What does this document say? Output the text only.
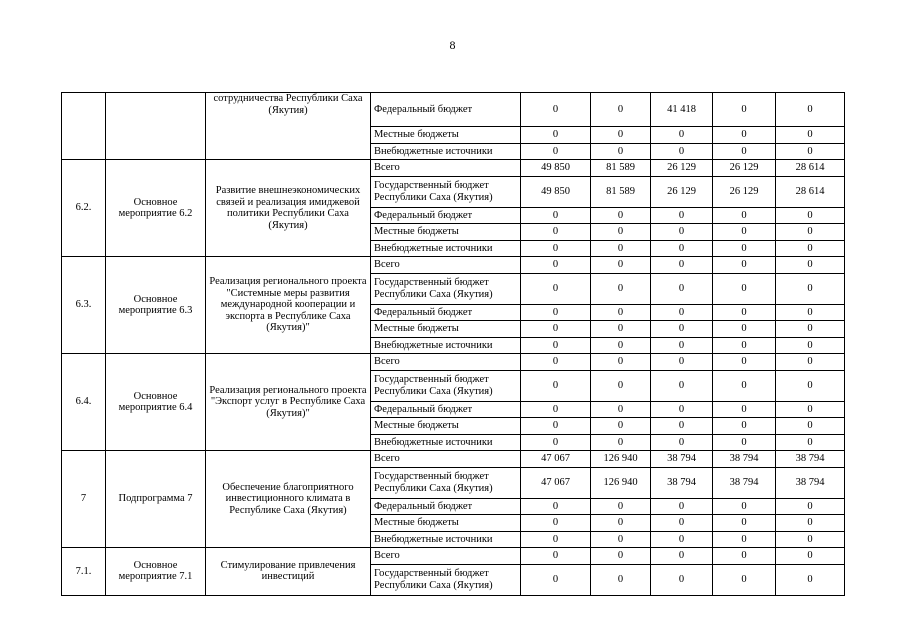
8
		сотрудничества Республики Саха (Якутия)	Федеральный бюджет	0	0	41 418	0	0
			Местные бюджеты	0	0	0	0	0
			Внебюджетные источники	0	0	0	0	0
6.2.	Основное мероприятие 6.2	Развитие внешнеэкономических связей и реализация имиджевой политики Республики Саха (Якутия)	Всего	49 850	81 589	26 129	26 129	28 614
			Государственный бюджет Республики Саха (Якутия)	49 850	81 589	26 129	26 129	28 614
			Федеральный бюджет	0	0	0	0	0
			Местные бюджеты	0	0	0	0	0
			Внебюджетные источники	0	0	0	0	0
6.3.	Основное мероприятие 6.3	Реализация регионального проекта "Системные меры развития международной кооперации и экспорта в Республике Саха (Якутия)"	Всего	0	0	0	0	0
			Государственный бюджет Республики Саха (Якутия)	0	0	0	0	0
			Федеральный бюджет	0	0	0	0	0
			Местные бюджеты	0	0	0	0	0
			Внебюджетные источники	0	0	0	0	0
6.4.	Основное мероприятие 6.4	Реализация регионального проекта "Экспорт услуг в Республике Саха (Якутия)"	Всего	0	0	0	0	0
			Государственный бюджет Республики Саха (Якутия)	0	0	0	0	0
			Федеральный бюджет	0	0	0	0	0
			Местные бюджеты	0	0	0	0	0
			Внебюджетные источники	0	0	0	0	0
7	Подпрограмма 7	Обеспечение благоприятного инвестиционного климата в Республике Саха (Якутия)	Всего	47 067	126 940	38 794	38 794	38 794
			Государственный бюджет Республики Саха (Якутия)	47 067	126 940	38 794	38 794	38 794
			Федеральный бюджет	0	0	0	0	0
			Местные бюджеты	0	0	0	0	0
			Внебюджетные источники	0	0	0	0	0
7.1.	Основное мероприятие 7.1	Стимулирование привлечения инвестиций	Всего	0	0	0	0	0
			Государственный бюджет Республики Саха (Якутия)	0	0	0	0	0
